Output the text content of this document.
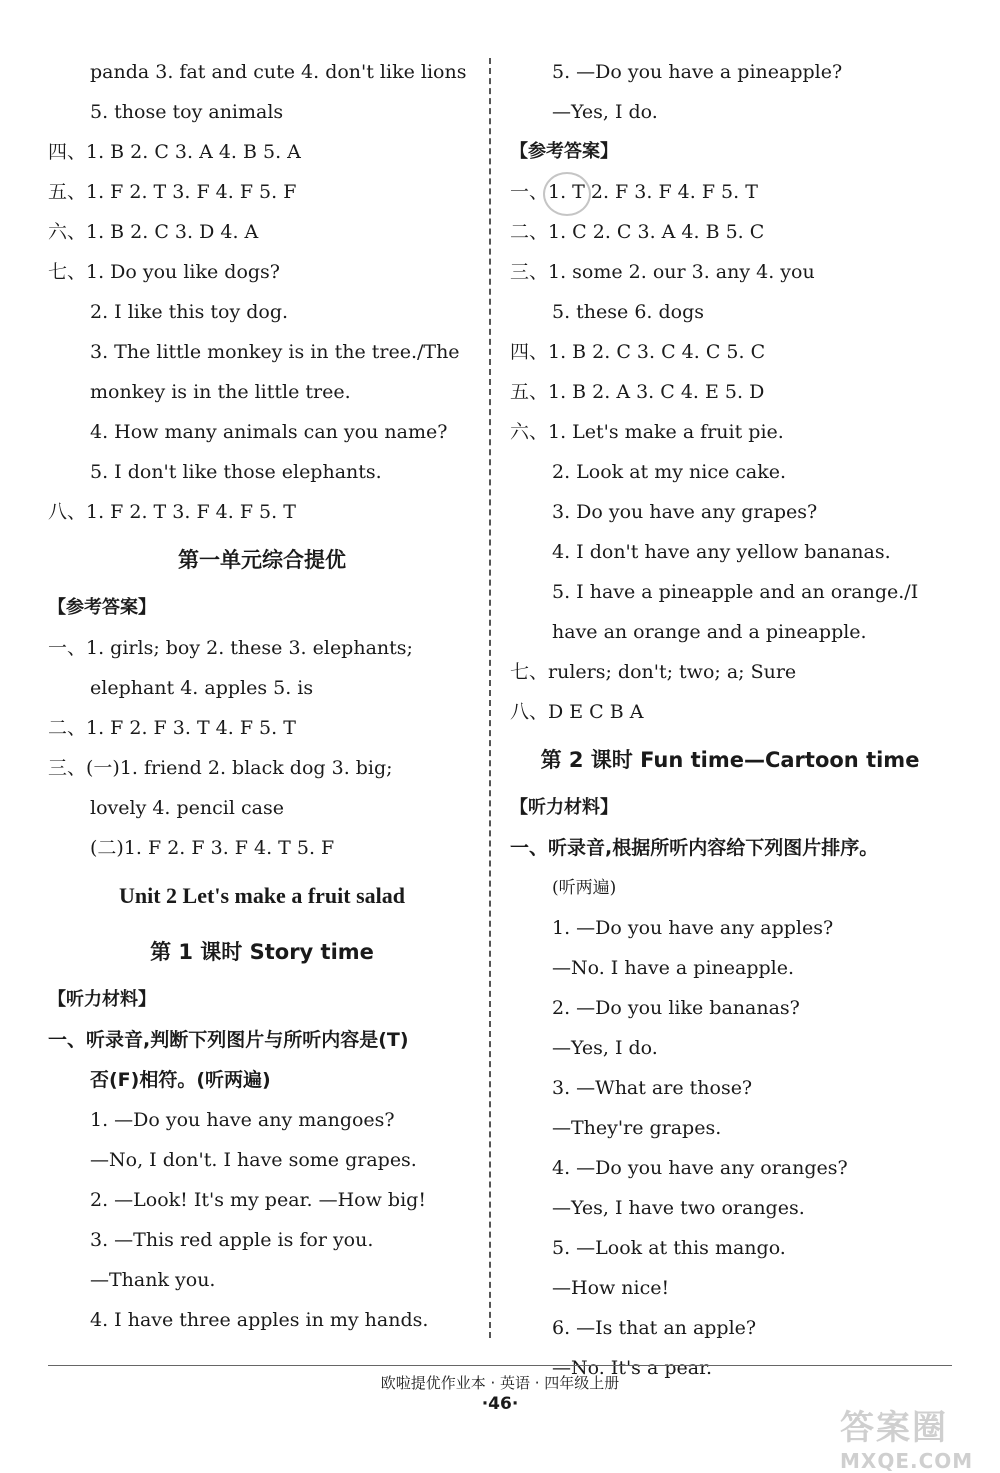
panda 3. fat and cute 4. don't like lions
5. those toy animals
四、1. B 2. C 3. A 4. B 5. A
五、1. F 2. T 3. F 4. F 5. F
六、1. B 2. C 3. D 4. A
七、1. Do you like dogs?
2. I like this toy dog.
3. The little monkey is in the tree./The
monkey is in the little tree.
4. How many animals can you name?
5. I don't like those elephants.
八、1. F 2. T 3. F 4. F 5. T
第一单元综合提优
【参考答案】
一、1. girls; boy 2. these 3. elephants;
elephant 4. apples 5. is
二、1. F 2. F 3. T 4. F 5. T
三、(一)1. friend 2. black dog 3. big;
lovely 4. pencil case
(二)1. F 2. F 3. F 4. T 5. F
Unit 2 Let's make a fruit salad
第 1 课时 Story time
【听力材料】
一、听录音,判断下列图片与所听内容是(T)
否(F)相符。(听两遍)
1. —Do you have any mangoes?
—No, I don't. I have some grapes.
2. —Look! It's my pear. —How big!
3. —This red apple is for you.
—Thank you.
4. I have three apples in my hands.
5. —Do you have a pineapple?
—Yes, I do.
【参考答案】
一、1. T 2. F 3. F 4. F 5. T
二、1. C 2. C 3. A 4. B 5. C
三、1. some 2. our 3. any 4. you
5. these 6. dogs
四、1. B 2. C 3. C 4. C 5. C
五、1. B 2. A 3. C 4. E 5. D
六、1. Let's make a fruit pie.
2. Look at my nice cake.
3. Do you have any grapes?
4. I don't have any yellow bananas.
5. I have a pineapple and an orange./I
have an orange and a pineapple.
七、rulers; don't; two; a; Sure
八、D E C B A
第 2 课时 Fun time—Cartoon time
【听力材料】
一、听录音,根据所听内容给下列图片排序。
(听两遍)
1. —Do you have any apples?
—No. I have a pineapple.
2. —Do you like bananas?
—Yes, I do.
3. —What are those?
—They're grapes.
4. —Do you have any oranges?
—Yes, I have two oranges.
5. —Look at this mango.
—How nice!
6. —Is that an apple?
—No. It's a pear.
欧啦提优作业本 · 英语 · 四年级上册
·46·
答案圈
MXQE.COM
